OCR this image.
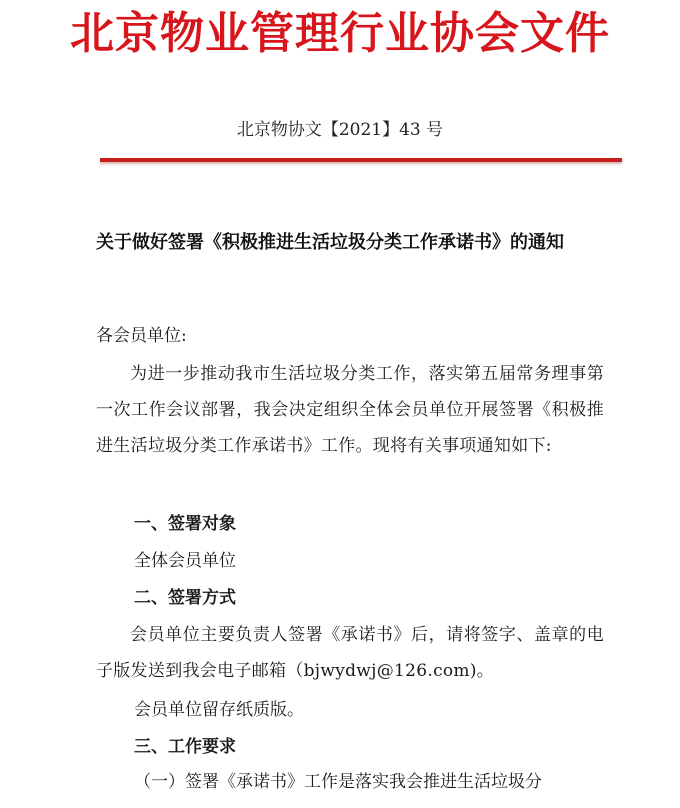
北京物业管理行业协会文件
北京物协文【2021】43 号
关于做好签署《积极推进生活垃圾分类工作承诺书》的通知
各会员单位:
为进一步推动我市生活垃圾分类工作，落实第五届常务理事第一次工作会议部署，我会决定组织全体会员单位开展签署《积极推进生活垃圾分类工作承诺书》工作。现将有关事项通知如下:
一、签署对象
全体会员单位
二、签署方式
会员单位主要负责人签署《承诺书》后，请将签字、盖章的电子版发送到我会电子邮箱（bjwydwj@126.com)。
会员单位留存纸质版。
三、工作要求
（一）签署《承诺书》工作是落实我会推进生活垃圾分
